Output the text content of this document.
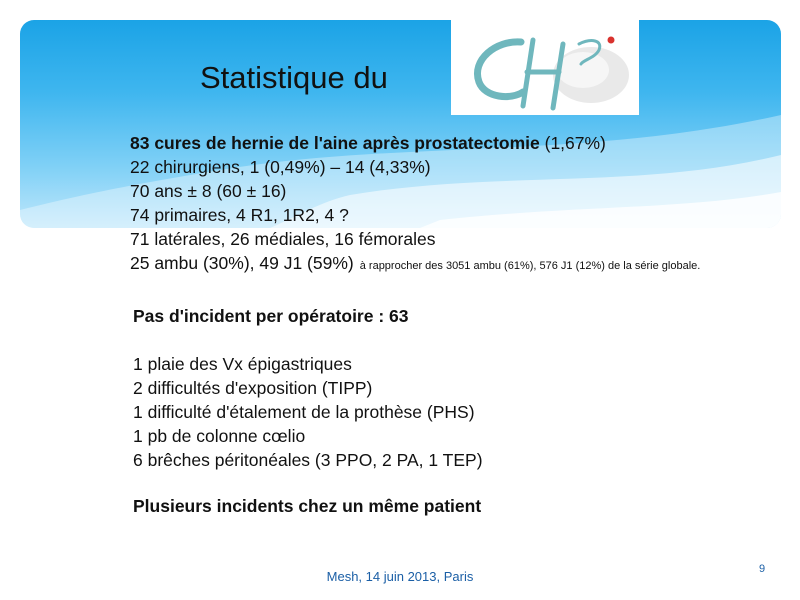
Statistique du
83 cures de hernie de l'aine après prostatectomie (1,67%)
22 chirurgiens, 1 (0,49%) – 14 (4,33%)
70 ans ± 8 (60 ± 16)
74 primaires, 4 R1, 1R2, 4 ?
71 latérales, 26 médiales, 16 fémorales
25 ambu (30%), 49 J1 (59%) à rapprocher des 3051 ambu (61%), 576 J1 (12%) de la série globale.
Pas d'incident per opératoire : 63
1 plaie des Vx épigastriques
2 difficultés d'exposition (TIPP)
1 difficulté d'étalement de la prothèse (PHS)
1 pb de colonne cœlio
6 brêches péritonéales (3 PPO, 2 PA, 1 TEP)
Plusieurs incidents chez un même patient
Mesh, 14 juin 2013, Paris	9
